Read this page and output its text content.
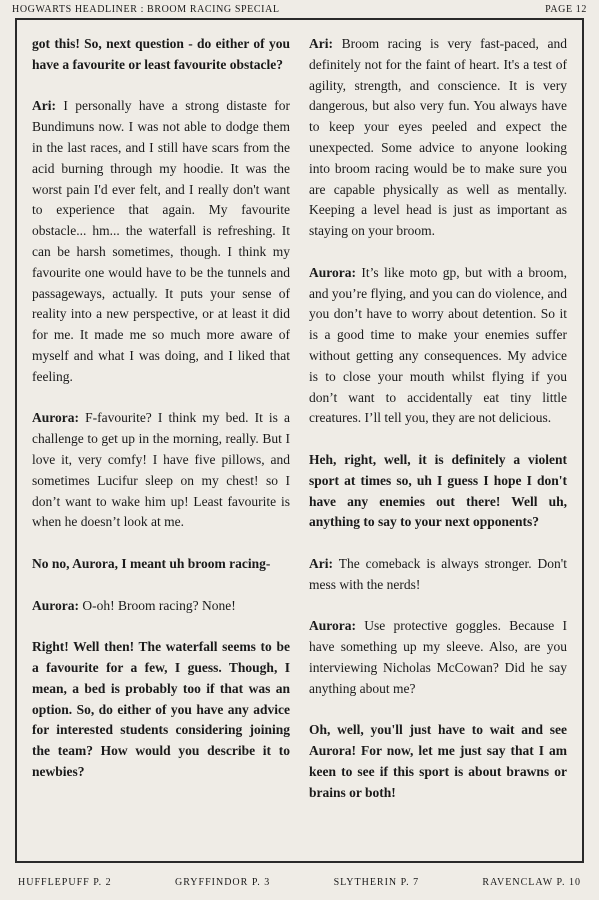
HOGWARTS HEADLINER : BROOM RACING SPECIAL	PAGE 12

got this! So, next question - do either of you have a favourite or least favourite obstacle?

Ari: I personally have a strong distaste for Bundimuns now. I was not able to dodge them in the last races, and I still have scars from the acid burning through my hoodie. It was the worst pain I'd ever felt, and I really don't want to experience that again. My favourite obstacle... hm... the waterfall is refreshing. It can be harsh sometimes, though. I think my favourite one would have to be the tunnels and passageways, actually. It puts your sense of reality into a new perspective, or at least it did for me. It made me so much more aware of myself and what I was doing, and I liked that feeling.

Aurora: F-favourite? I think my bed. It is a challenge to get up in the morning, really. But I love it, very comfy! I have five pillows, and sometimes Lucifur sleep on my chest! so I don’t want to wake him up! Least favourite is when he doesn’t look at me.

No no, Aurora, I meant uh broom racing-

Aurora: O-oh! Broom racing? None!

Right! Well then! The waterfall seems to be a favourite for a few, I guess. Though, I mean, a bed is probably too if that was an option. So, do either of you have any advice for interested students considering joining the team? How would you describe it to newbies?

Ari: Broom racing is very fast-paced, and definitely not for the faint of heart. It's a test of agility, strength, and conscience. It is very dangerous, but also very fun. You always have to keep your eyes peeled and expect the unexpected. Some advice to anyone looking into broom racing would be to make sure you are capable physically as well as mentally. Keeping a level head is just as important as staying on your broom.

Aurora: It’s like moto gp, but with a broom, and you’re flying, and you can do violence, and you don’t have to worry about detention. So it is a good time to make your enemies suffer without getting any consequences. My advice is to close your mouth whilst flying if you don’t want to accidentally eat tiny little creatures. I’ll tell you, they are not delicious.

Heh, right, well, it is definitely a violent sport at times so, uh I guess I hope I don't have any enemies out there! Well uh, anything to say to your next opponents?

Ari: The comeback is always stronger. Don't mess with the nerds!

Aurora: Use protective goggles. Because I have something up my sleeve. Also, are you interviewing Nicholas McCowan? Did he say anything about me?

Oh, well, you'll just have to wait and see Aurora! For now, let me just say that I am keen to see if this sport is about brawns or brains or both!

HUFFLEPUFF P. 2	GRYFFINDOR P. 3	SLYTHERIN P. 7	RAVENCLAW P. 10
